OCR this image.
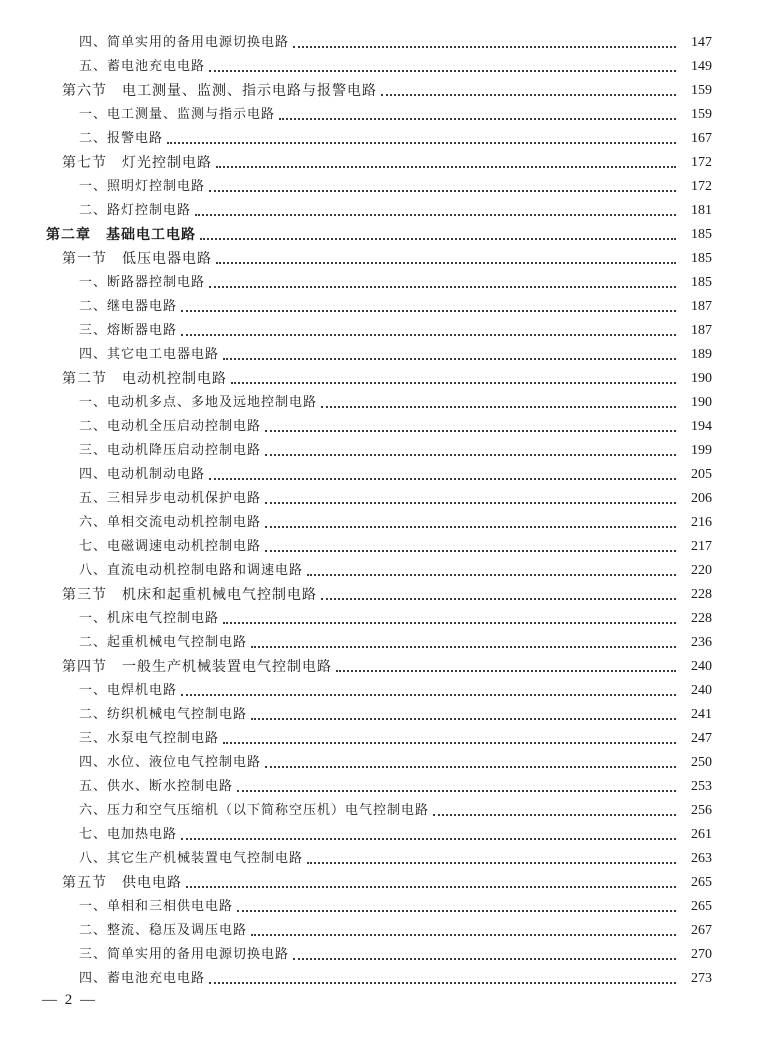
四、简单实用的备用电源切换电路	147
五、蓄电池充电电路	149
第六节　电工测量、监测、指示电路与报警电路	159
一、电工测量、监测与指示电路	159
二、报警电路	167
第七节　灯光控制电路	172
一、照明灯控制电路	172
二、路灯控制电路	181
第二章　基础电工电路	185
第一节　低压电器电路	185
一、断路器控制电路	185
二、继电器电路	187
三、熔断器电路	187
四、其它电工电器电路	189
第二节　电动机控制电路	190
一、电动机多点、多地及远地控制电路	190
二、电动机全压启动控制电路	194
三、电动机降压启动控制电路	199
四、电动机制动电路	205
五、三相异步电动机保护电路	206
六、单相交流电动机控制电路	216
七、电磁调速电动机控制电路	217
八、直流电动机控制电路和调速电路	220
第三节　机床和起重机械电气控制电路	228
一、机床电气控制电路	228
二、起重机械电气控制电路	236
第四节　一般生产机械装置电气控制电路	240
一、电焊机电路	240
二、纺织机械电气控制电路	241
三、水泵电气控制电路	247
四、水位、液位电气控制电路	250
五、供水、断水控制电路	253
六、压力和空气压缩机（以下简称空压机）电气控制电路	256
七、电加热电路	261
八、其它生产机械装置电气控制电路	263
第五节　供电电路	265
一、单相和三相供电电路	265
二、整流、稳压及调压电路	267
三、简单实用的备用电源切换电路	270
四、蓄电池充电电路	273
— 2 —
